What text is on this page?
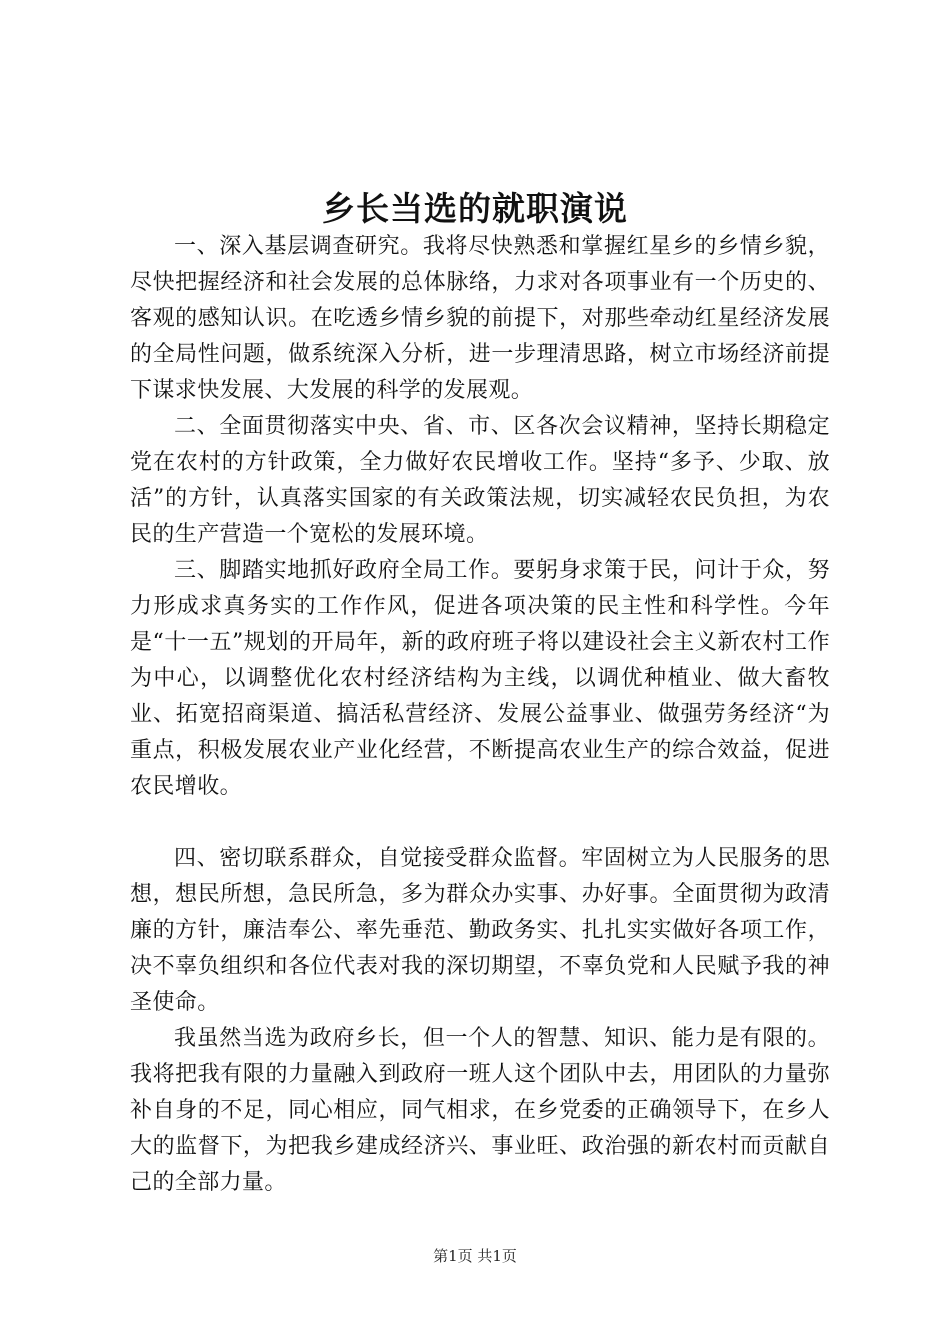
乡长当选的就职演说

一、深入基层调查研究。我将尽快熟悉和掌握红星乡的乡情乡貌，尽快把握经济和社会发展的总体脉络，力求对各项事业有一个历史的、客观的感知认识。在吃透乡情乡貌的前提下，对那些牵动红星经济发展的全局性问题，做系统深入分析，进一步理清思路，树立市场经济前提下谋求快发展、大发展的科学的发展观。

二、全面贯彻落实中央、省、市、区各次会议精神，坚持长期稳定党在农村的方针政策，全力做好农民增收工作。坚持“多予、少取、放活”的方针，认真落实国家的有关政策法规，切实减轻农民负担，为农民的生产营造一个宽松的发展环境。

三、脚踏实地抓好政府全局工作。要躬身求策于民，问计于众，努力形成求真务实的工作作风，促进各项决策的民主性和科学性。今年是“十一五”规划的开局年，新的政府班子将以建设社会主义新农村工作为中心，以调整优化农村经济结构为主线，以调优种植业、做大畜牧业、拓宽招商渠道、搞活私营经济、发展公益事业、做强劳务经济“为重点，积极发展农业产业化经营，不断提高农业生产的综合效益，促进农民增收。

四、密切联系群众，自觉接受群众监督。牢固树立为人民服务的思想，想民所想，急民所急，多为群众办实事、办好事。全面贯彻为政清廉的方针，廉洁奉公、率先垂范、勤政务实、扎扎实实做好各项工作，决不辜负组织和各位代表对我的深切期望，不辜负党和人民赋予我的神圣使命。

我虽然当选为政府乡长，但一个人的智慧、知识、能力是有限的。我将把我有限的力量融入到政府一班人这个团队中去，用团队的力量弥补自身的不足，同心相应，同气相求，在乡党委的正确领导下，在乡人大的监督下，为把我乡建成经济兴、事业旺、政治强的新农村而贡献自己的全部力量。

第1页 共1页
